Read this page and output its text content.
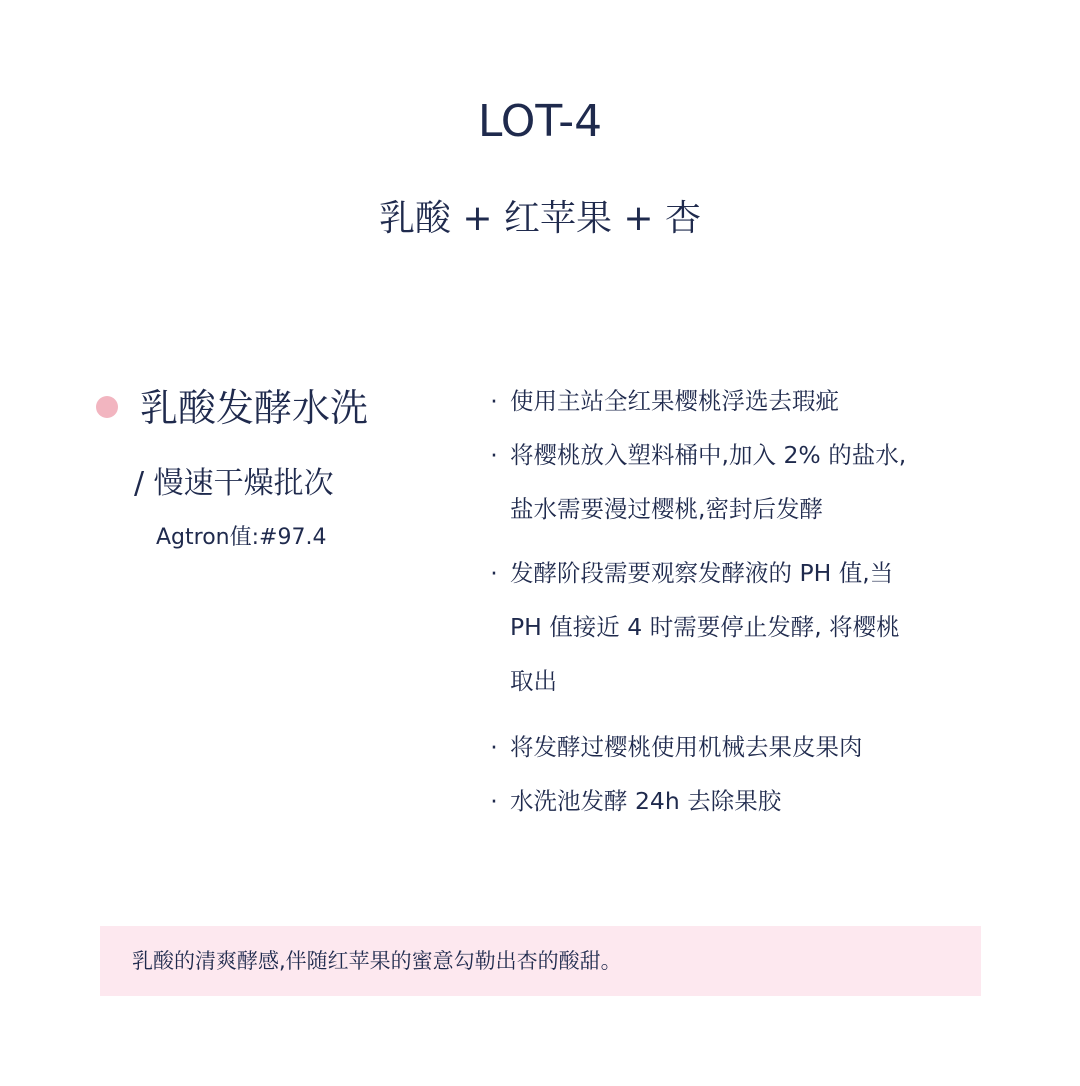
LOT-4
乳酸 + 红苹果 + 杏
乳酸发酵水洗
/ 慢速干燥批次
Agtron值:#97.4
· 使用主站全红果樱桃浮选去瑕疵
· 将樱桃放入塑料桶中,加入 2% 的盐水,
盐水需要漫过樱桃,密封后发酵
· 发酵阶段需要观察发酵液的 PH 值,当
PH 值接近 4 时需要停止发酵, 将樱桃
取出
· 将发酵过樱桃使用机械去果皮果肉
· 水洗池发酵 24h 去除果胶
乳酸的清爽酵感,伴随红苹果的蜜意勾勒出杏的酸甜。
